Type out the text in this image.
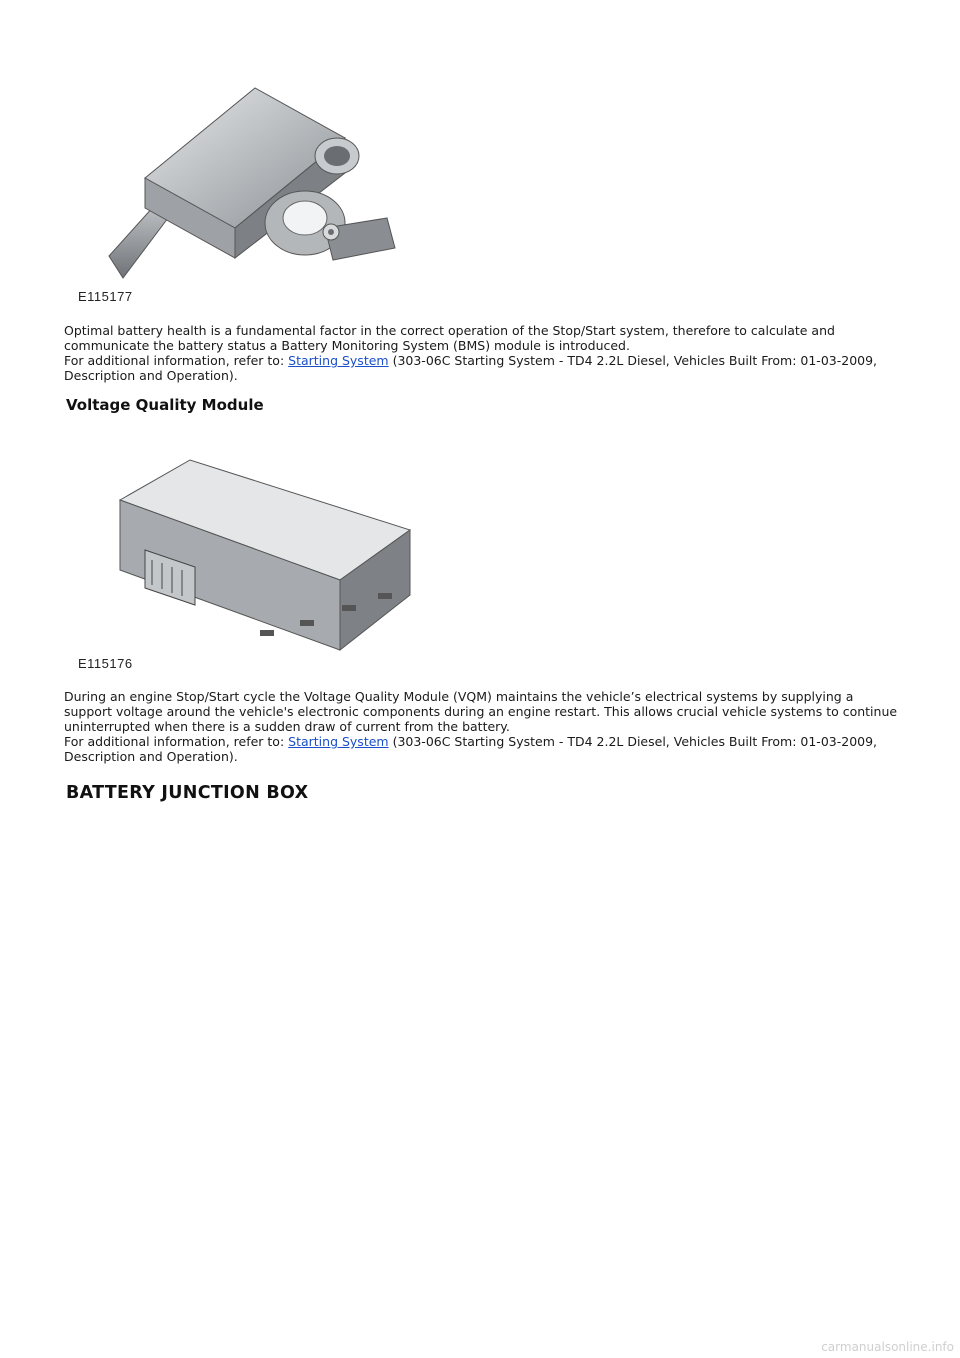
E115177

Optimal battery health is a fundamental factor in the correct operation of the Stop/Start system, therefore to calculate and communicate the battery status a Battery Monitoring System (BMS) module is introduced.

For additional information, refer to: Starting System (303-06C Starting System - TD4 2.2L Diesel, Vehicles Built From: 01-03-2009, Description and Operation).

Voltage Quality Module
E115176

During an engine Stop/Start cycle the Voltage Quality Module (VQM) maintains the vehicle’s electrical systems by supplying a support voltage around the vehicle's electronic components during an engine restart. This allows crucial vehicle systems to continue uninterrupted when there is a sudden draw of current from the battery.

For additional information, refer to: Starting System (303-06C Starting System - TD4 2.2L Diesel, Vehicles Built From: 01-03-2009, Description and Operation).

BATTERY JUNCTION BOX
carmanualsonline.info
